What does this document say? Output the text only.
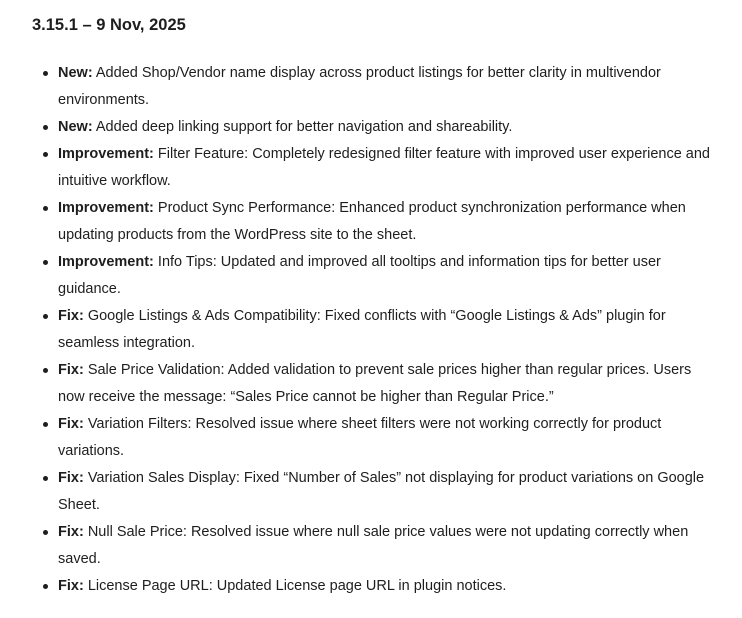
3.15.1 – 9 Nov, 2025
New: Added Shop/Vendor name display across product listings for better clarity in multivendor environments.
New: Added deep linking support for better navigation and shareability.
Improvement: Filter Feature: Completely redesigned filter feature with improved user experience and intuitive workflow.
Improvement: Product Sync Performance: Enhanced product synchronization performance when updating products from the WordPress site to the sheet.
Improvement: Info Tips: Updated and improved all tooltips and information tips for better user guidance.
Fix: Google Listings & Ads Compatibility: Fixed conflicts with “Google Listings & Ads” plugin for seamless integration.
Fix: Sale Price Validation: Added validation to prevent sale prices higher than regular prices. Users now receive the message: “Sales Price cannot be higher than Regular Price.”
Fix: Variation Filters: Resolved issue where sheet filters were not working correctly for product variations.
Fix: Variation Sales Display: Fixed “Number of Sales” not displaying for product variations on Google Sheet.
Fix: Null Sale Price: Resolved issue where null sale price values were not updating correctly when saved.
Fix: License Page URL: Updated License page URL in plugin notices.
